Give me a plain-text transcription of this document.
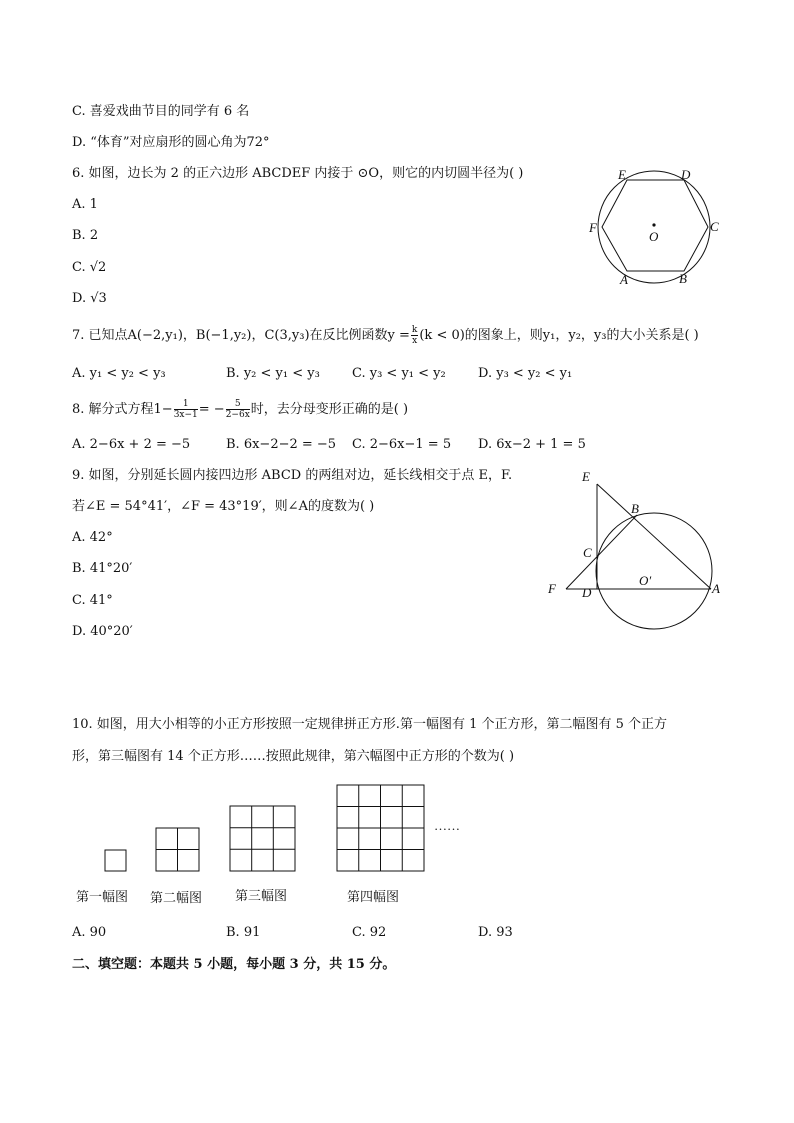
C. 喜爱戏曲节目的同学有 6 名
D. “体育”对应扇形的圆心角为72°
6. 如图，边长为 2 的正六边形 ABCDEF 内接于 ⊙O，则它的内切圆半径为( )
A. 1
B. 2
C. √2
D. √3
E	D
F	C
O
A	B
7. 已知点A(−2,y₁)，B(−1,y₂)，C(3,y₃)在反比例函数$y = \frac{k}{x} (k < 0)$的图象上，则y₁，y₂，y₃的大小关系是( )
A. y₁ < y₂ < y₃	B. y₂ < y₁ < y₃ C. y₃ < y₁ < y₂ D. y₃ < y₂ < y₁
8. 解分式方程$1- \frac{1}{3x-1}$ = − $\frac{5}{2-6x}$ 时，去分母变形正确的是( )
A. 2−6x + 2 = −5	B. 6x−2−2 = −5 C. 2−6x−1 = 5 D. 6x−2 + 1 = 5
9. 如图，分别延长圆内接四边形 ABCD 的两组对边，延长线相交于点 E，F.
若∠E = 54°41′，∠F = 43°19′，则∠A的度数为( )
A. 42°
B. 41°20′
C. 41°
D. 40°20′
E
B
C
F D
O′
A
10. 如图，用大小相等的小正方形按照一定规律拼正方形.第一幅图有 1 个正方形，第二幅图有 5 个正方
形，第三幅图有 14 个正方形……按照此规律，第六幅图中正方形的个数为( )
……
第一幅图 第二幅图	第三幅图	第四幅图
A. 90	B. 91	C. 92	D. 93
二、填空题：本题共 5 小题，每小题 3 分，共 15 分。
